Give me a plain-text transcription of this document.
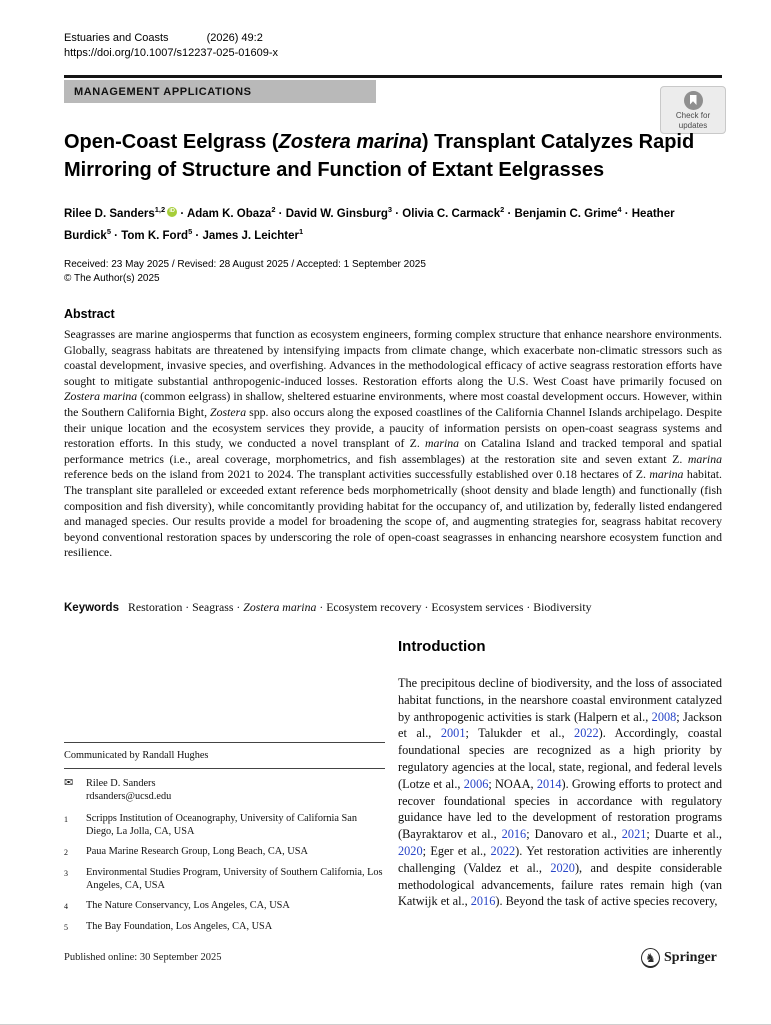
Estuaries and Coasts	(2026) 49:2
https://doi.org/10.1007/s12237-025-01609-x
MANAGEMENT APPLICATIONS
Check for
updates
Open-Coast Eelgrass (Zostera marina) Transplant Catalyzes Rapid Mirroring of Structure and Function of Extant Eelgrasses
Rilee D. Sanders$^{1,2}$ iD · Adam K. Obaza$^2$ · David W. Ginsburg$^3$ · Olivia C. Carmack$^2$ · Benjamin C. Grime$^4$ · Heather Burdick$^5$ · Tom K. Ford$^5$ · James J. Leichter$^1$
Received: 23 May 2025 / Revised: 28 August 2025 / Accepted: 1 September 2025
© The Author(s) 2025
Abstract
Seagrasses are marine angiosperms that function as ecosystem engineers, forming complex structure that enhance nearshore environments. Globally, seagrass habitats are threatened by intensifying impacts from climate change, which exacerbate non-climatic stressors such as coastal development, invasive species, and overfishing. Advances in the methodological efficacy of active seagrass restoration efforts have sought to mitigate substantial anthropogenic-induced losses. Restoration efforts along the U.S. West Coast have primarily focused on Zostera marina (common eelgrass) in shallow, sheltered estuarine environments, where most coastal development occurs. However, within the Southern California Bight, Zostera spp. also occurs along the exposed coastlines of the California Channel Islands archipelago. Despite their unique location and the ecosystem services they provide, a paucity of information persists on open-coast seagrass systems and restoration efforts. In this study, we conducted a novel transplant of Z. marina on Catalina Island and tracked temporal and spatial performance metrics (i.e., areal coverage, morphometrics, and fish assemblages) at the restoration site and seven extant Z. marina reference beds on the island from 2021 to 2024. The transplant activities successfully established over 0.18 hectares of Z. marina habitat. The transplant site paralleled or exceeded extant reference beds morphometrically (shoot density and blade length) and functionally (fish composition and fish diversity), while concomitantly providing habitat for the occupancy of, and utilization by, federally listed endangered and managed species. Our results provide a model for broadening the scope of, and augmenting strategies for, seagrass habitat recovery beyond conventional restoration spaces by underscoring the role of open-coast seagrasses in enhancing nearshore ecosystem function and resilience.
Keywords Restoration · Seagrass · Zostera marina · Ecosystem recovery · Ecosystem services · Biodiversity
Introduction
The precipitous decline of biodiversity, and the loss of associated habitat functions, in the nearshore coastal environment catalyzed by anthropogenic activities is stark (Halpern et al., 2008; Jackson et al., 2001; Talukder et al., 2022). Accordingly, coastal foundational species are recognized as a high priority by regulatory agencies at the local, state, regional, and federal levels (Lotze et al., 2006; NOAA, 2014). Growing efforts to protect and recover foundational species in accordance with regulatory guidance have led to the development of restoration programs (Bayraktarov et al., 2016; Danovaro et al., 2021; Duarte et al., 2020; Eger et al., 2022). Yet restoration activities are inherently challenging (Valdez et al., 2020), and despite considerable methodological advancements, failure rates remain high (van Katwijk et al., 2016). Beyond the task of active species recovery,
Communicated by Randall Hughes
✉	Rilee D. Sanders
rdsanders@ucsd.edu
1	Scripps Institution of Oceanography, University of California San Diego, La Jolla, CA, USA
2	Paua Marine Research Group, Long Beach, CA, USA
3	Environmental Studies Program, University of Southern California, Los Angeles, CA, USA
4	The Nature Conservancy, Los Angeles, CA, USA
5	The Bay Foundation, Los Angeles, CA, USA
Published online: 30 September 2025	♞ Springer
